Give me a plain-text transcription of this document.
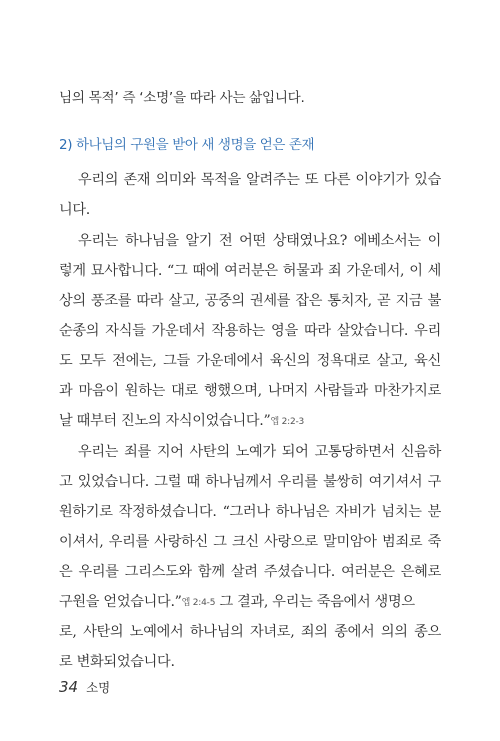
님의 목적’ 즉 ‘소명’을 따라 사는 삶입니다.
2) 하나님의 구원을 받아 새 생명을 얻은 존재
우리의 존재 의미와 목적을 알려주는 또 다른 이야기가 있습
니다.
우리는 하나님을 알기 전 어떤 상태였나요? 에베소서는 이
렇게 묘사합니다. “그 때에 여러분은 허물과 죄 가운데서, 이 세
상의 풍조를 따라 살고, 공중의 권세를 잡은 통치자, 곧 지금 불
순종의 자식들 가운데서 작용하는 영을 따라 살았습니다. 우리
도 모두 전에는, 그들 가운데에서 육신의 정욕대로 살고, 육신
과 마음이 원하는 대로 행했으며, 나머지 사람들과 마찬가지로
날 때부터 진노의 자식이었습니다.”엡 2:2-3
우리는 죄를 지어 사탄의 노예가 되어 고통당하면서 신음하
고 있었습니다. 그럴 때 하나님께서 우리를 불쌍히 여기셔서 구
원하기로 작정하셨습니다. “그러나 하나님은 자비가 넘치는 분
이셔서, 우리를 사랑하신 그 크신 사랑으로 말미암아 범죄로 죽
은 우리를 그리스도와 함께 살려 주셨습니다. 여러분은 은혜로
구원을 얻었습니다.”엡 2:4-5 그 결과, 우리는 죽음에서 생명으
로, 사탄의 노예에서 하나님의 자녀로, 죄의 종에서 의의 종으
로 변화되었습니다.
34 소명
